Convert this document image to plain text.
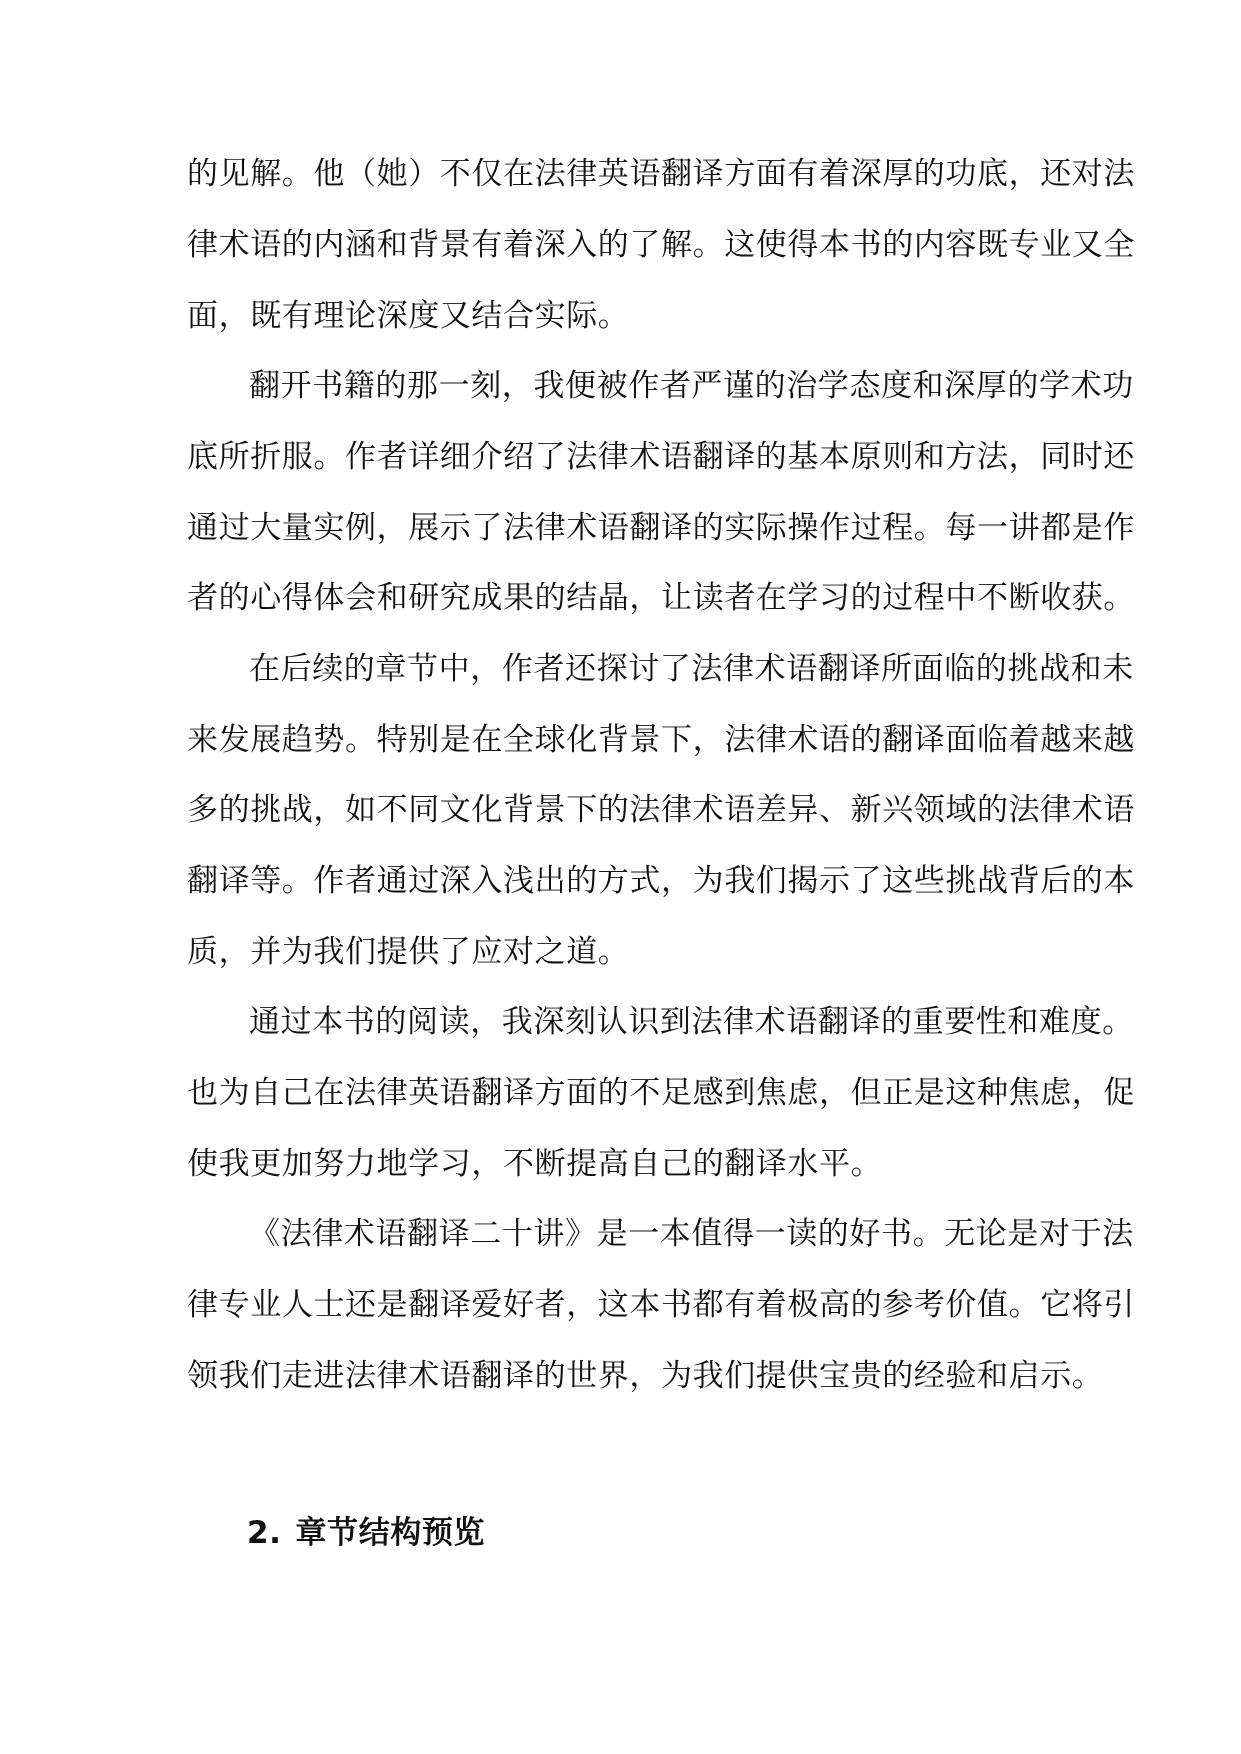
的见解。他（她）不仅在法律英语翻译方面有着深厚的功底，还对法
律术语的内涵和背景有着深入的了解。这使得本书的内容既专业又全
面，既有理论深度又结合实际。
翻开书籍的那一刻，我便被作者严谨的治学态度和深厚的学术功
底所折服。作者详细介绍了法律术语翻译的基本原则和方法，同时还
通过大量实例，展示了法律术语翻译的实际操作过程。每一讲都是作
者的心得体会和研究成果的结晶，让读者在学习的过程中不断收获。
在后续的章节中，作者还探讨了法律术语翻译所面临的挑战和未
来发展趋势。特别是在全球化背景下，法律术语的翻译面临着越来越
多的挑战，如不同文化背景下的法律术语差异、新兴领域的法律术语
翻译等。作者通过深入浅出的方式，为我们揭示了这些挑战背后的本
质，并为我们提供了应对之道。
通过本书的阅读，我深刻认识到法律术语翻译的重要性和难度。
也为自己在法律英语翻译方面的不足感到焦虑，但正是这种焦虑，促
使我更加努力地学习，不断提高自己的翻译水平。
《法律术语翻译二十讲》是一本值得一读的好书。无论是对于法
律专业人士还是翻译爱好者，这本书都有着极高的参考价值。它将引
领我们走进法律术语翻译的世界，为我们提供宝贵的经验和启示。
2. 章节结构预览
